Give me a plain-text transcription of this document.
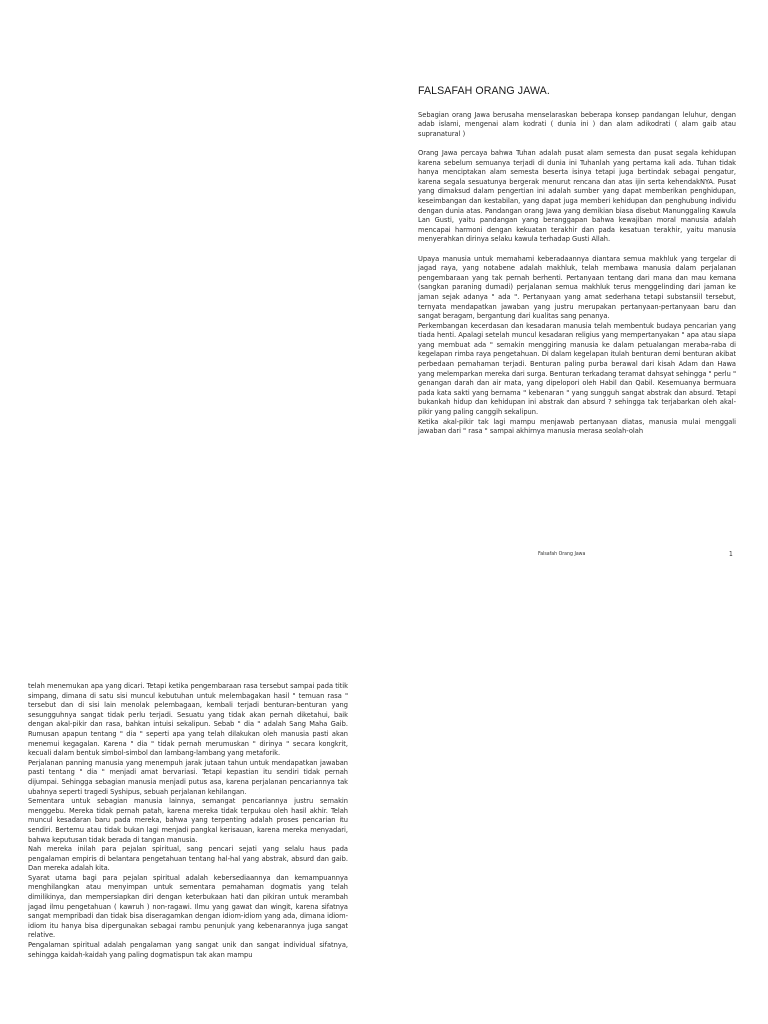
FALSAFAH ORANG JAWA.

Sebagian orang Jawa berusaha menselaraskan beberapa konsep pandangan leluhur, dengan adab islami, mengenai alam kodrati ( dunia ini ) dan alam adikodrati ( alam gaib atau supranatural )

Orang Jawa percaya bahwa Tuhan adalah pusat alam semesta dan pusat segala kehidupan karena sebelum semuanya terjadi di dunia ini Tuhanlah yang pertama kali ada. Tuhan tidak hanya menciptakan alam semesta beserta isinya tetapi juga bertindak sebagai pengatur, karena segala sesuatunya bergerak menurut rencana dan atas ijin serta kehendakNYA. Pusat yang dimaksud dalam pengertian ini adalah sumber yang dapat memberikan penghidupan, keseimbangan dan kestabilan, yang dapat juga memberi kehidupan dan penghubung individu dengan dunia atas. Pandangan orang Jawa yang demikian biasa disebut Manunggaling Kawula Lan Gusti, yaitu pandangan yang beranggapan bahwa kewajiban moral manusia adalah mencapai harmoni dengan kekuatan terakhir dan pada kesatuan terakhir, yaitu manusia menyerahkan dirinya selaku kawula terhadap Gusti Allah.

Upaya manusia untuk memahami keberadaannya diantara semua makhluk yang tergelar di jagad raya, yang notabene adalah makhluk, telah membawa manusia dalam perjalanan pengembaraan yang tak pernah berhenti. Pertanyaan tentang dari mana dan mau kemana (sangkan paraning dumadi) perjalanan semua makhluk terus menggelinding dari jaman ke jaman sejak adanya " ada ". Pertanyaan yang amat sederhana tetapi substansiil tersebut, ternyata mendapatkan jawaban yang justru merupakan pertanyaan-pertanyaan baru dan sangat beragam, bergantung dari kualitas sang penanya.

Perkembangan kecerdasan dan kesadaran manusia telah membentuk budaya pencarian yang tiada henti. Apalagi setelah muncul kesadaran religius yang mempertanyakan " apa atau siapa yang membuat ada " semakin menggiring manusia ke dalam petualangan meraba-raba di kegelapan rimba raya pengetahuan. Di dalam kegelapan itulah benturan demi benturan akibat perbedaan pemahaman terjadi. Benturan paling purba berawal dari kisah Adam dan Hawa yang melemparkan mereka dari surga. Benturan terkadang teramat dahsyat sehingga " perlu " genangan darah dan air mata, yang dipelopori oleh Habil dan Qabil. Kesemuanya bermuara pada kata sakti yang bernama " kebenaran " yang sungguh sangat abstrak dan absurd. Tetapi bukankah hidup dan kehidupan ini abstrak dan absurd ? sehingga tak terjabarkan oleh akal-pikir yang paling canggih sekalipun.

Ketika akal-pikir tak lagi mampu menjawab pertanyaan diatas, manusia mulai menggali jawaban dari " rasa " sampai akhirnya manusia merasa seolah-olah

Falsafah Orang Jawa	1

telah menemukan apa yang dicari. Tetapi ketika pengembaraan rasa tersebut sampai pada titik simpang, dimana di satu sisi muncul kebutuhan untuk melembagakan hasil " temuan rasa " tersebut dan di sisi lain menolak pelembagaan, kembali terjadi benturan-benturan yang sesungguhnya sangat tidak perlu terjadi. Sesuatu yang tidak akan pernah diketahui, baik dengan akal-pikir dan rasa, bahkan intuisi sekalipun. Sebab " dia " adalah Sang Maha Gaib. Rumusan apapun tentang " dia " seperti apa yang telah dilakukan oleh manusia pasti akan menemui kegagalan. Karena " dia " tidak pernah merumuskan " dirinya " secara kongkrit, kecuali dalam bentuk simbol-simbol dan lambang-lambang yang metaforik.

Perjalanan panning manusia yang menempuh jarak jutaan tahun untuk mendapatkan jawaban pasti tentang " dia " menjadi amat bervariasi. Tetapi kepastian itu sendiri tidak pernah dijumpai. Sehingga sebagian manusia menjadi putus asa, karena perjalanan pencariannya tak ubahnya seperti tragedi Syshipus, sebuah perjalanan kehilangan.

Sementara untuk sebagian manusia lainnya, semangat pencariannya justru semakin menggebu. Mereka tidak pernah patah, karena mereka tidak terpukau oleh hasil akhir. Telah muncul kesadaran baru pada mereka, bahwa yang terpenting adalah proses pencarian itu sendiri. Bertemu atau tidak bukan lagi menjadi pangkal kerisauan, karena mereka menyadari, bahwa keputusan tidak berada di tangan manusia.

Nah mereka inilah para pejalan spiritual, sang pencari sejati yang selalu haus pada pengalaman empiris di belantara pengetahuan tentang hal-hal yang abstrak, absurd dan gaib. Dan mereka adalah kita.

Syarat utama bagi para pejalan spiritual adalah kebersediaannya dan kemampuannya menghilangkan atau menyimpan untuk sementara pemahaman dogmatis yang telah dimilikinya, dan mempersiapkan diri dengan keterbukaan hati dan pikiran untuk merambah jagad ilmu pengetahuan ( kawruh ) non-ragawi. Ilmu yang gawat dan wingit, karena sifatnya sangat mempribadi dan tidak bisa diseragamkan dengan idiom-idiom yang ada, dimana idiom-idiom itu hanya bisa dipergunakan sebagai rambu penunjuk yang kebenarannya juga sangat relative.

Pengalaman spiritual adalah pengalaman yang sangat unik dan sangat individual sifatnya, sehingga kaidah-kaidah yang paling dogmatispun tak akan mampu
